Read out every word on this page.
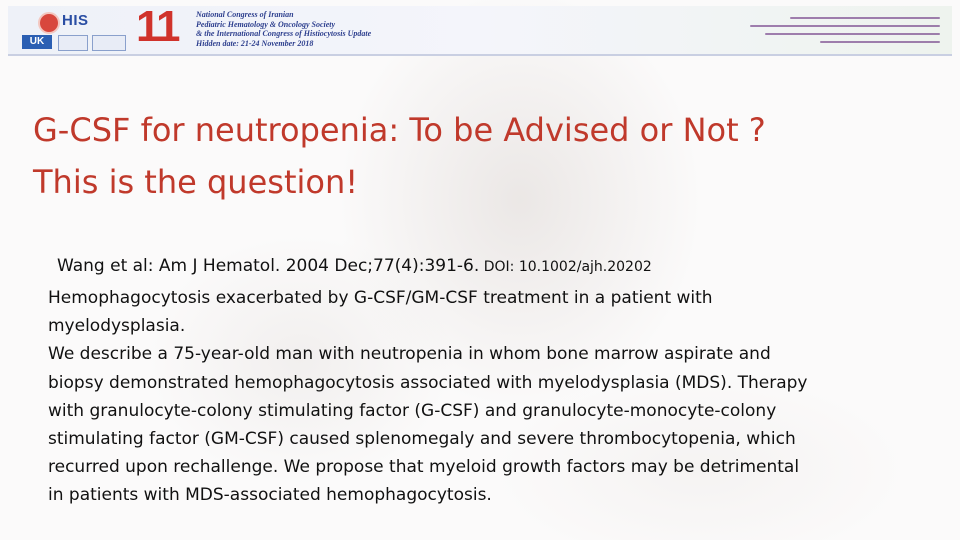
HIS
UK 11 National Congress of Iranian
Pediatric Hematology & Oncology Society
& the International Congress of Histiocytosis Update
Hidden date: 21-24 November 2018
G-CSF for neutropenia: To be Advised or Not ?
This is the question!
Wang et al: Am J Hematol. 2004 Dec;77(4):391-6. DOI: 10.1002/ajh.20202

Hemophagocytosis exacerbated by G-CSF/GM-CSF treatment in a patient with
myelodysplasia.

We describe a 75-year-old man with neutropenia in whom bone marrow aspirate and
biopsy demonstrated hemophagocytosis associated with myelodysplasia (MDS). Therapy
with granulocyte-colony stimulating factor (G-CSF) and granulocyte-monocyte-colony
stimulating factor (GM-CSF) caused splenomegaly and severe thrombocytopenia, which
recurred upon rechallenge. We propose that myeloid growth factors may be detrimental
in patients with MDS-associated hemophagocytosis.
